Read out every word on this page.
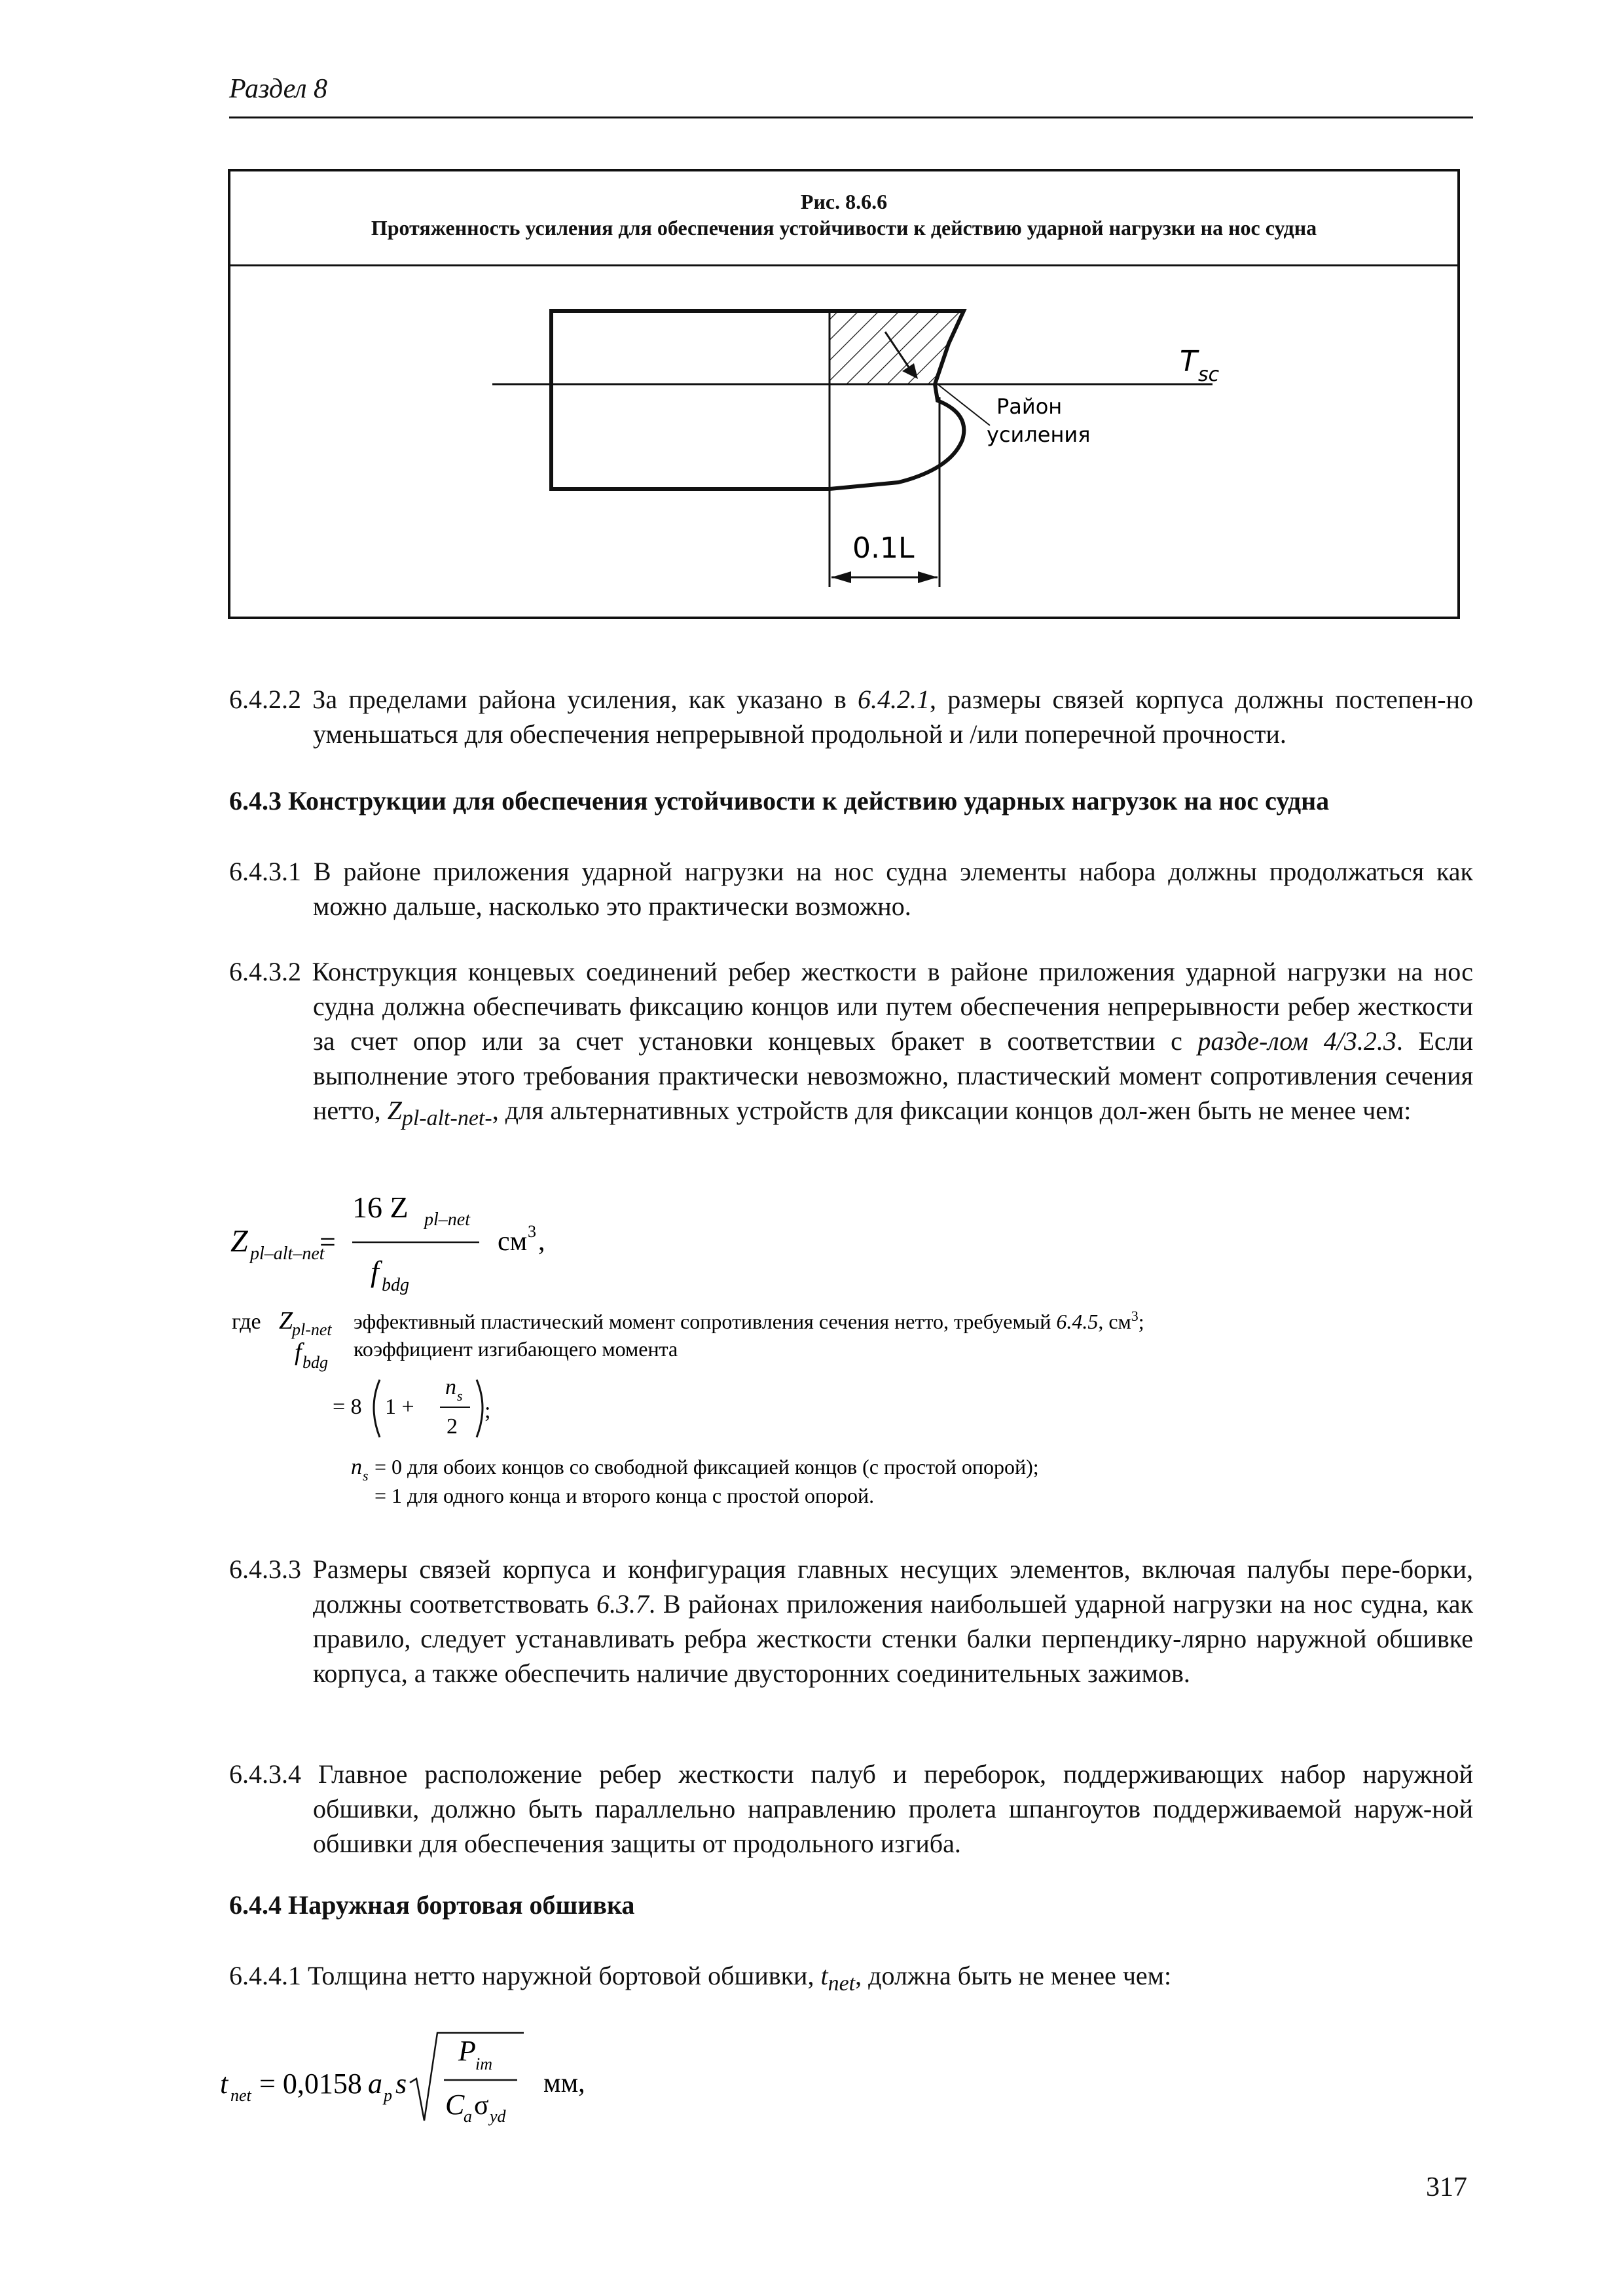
Раздел 8
Рис. 8.6.6
Протяженность усиления для обеспечения устойчивости к действию ударной нагрузки на нос судна
T sc
Район
усиления
0.1L
6.4.2.2 За пределами района усиления, как указано в 6.4.2.1, размеры связей корпуса должны постепен-но уменьшаться для обеспечения непрерывной продольной и /или поперечной прочности.
6.4.3 Конструкции для обеспечения устойчивости к действию ударных нагрузок на нос судна
6.4.3.1 В районе приложения ударной нагрузки на нос судна элементы набора должны продолжаться как можно дальше, насколько это практически возможно.
6.4.3.2 Конструкция концевых соединений ребер жесткости в районе приложения ударной нагрузки на нос судна должна обеспечивать фиксацию концов или путем обеспечения непрерывности ребер жесткости за счет опор или за счет установки концевых бракет в соответствии с разде-лом 4/3.2.3. Если выполнение этого требования практически невозможно, пластический момент сопротивления сечения нетто, $Z_{pl-alt-net-}$, для альтернативных устройств для фиксации концов дол-жен быть не менее чем:
Z pl–alt–net
=
16 Z pl–net
f bdg
см 3 ,
где Z
pl-net эффективный пластический момент сопротивления сечения нетто, требуемый 6.4.5, $см^3$;
f bdg
коэффициент изгибающего момента
= 8 1 +
n s
2
;
n s = 0 для обоих концов со свободной фиксацией концов (с простой опорой);
= 1 для одного конца и второго конца с простой опорой.
6.4.3.3 Размеры связей корпуса и конфигурация главных несущих элементов, включая палубы пере-борки, должны соответствовать 6.3.7. В районах приложения наибольшей ударной нагрузки на нос судна, как правило, следует устанавливать ребра жесткости стенки балки перпендику-лярно наружной обшивке корпуса, а также обеспечить наличие двусторонних соединительных зажимов.
6.4.3.4 Главное расположение ребер жесткости палуб и переборок, поддерживающих набор наружной обшивки, должно быть параллельно направлению пролета шпангоутов поддерживаемой наруж-ной обшивки для обеспечения защиты от продольного изгиба.
6.4.4 Наружная бортовая обшивка
6.4.4.1 Толщина нетто наружной бортовой обшивки, $t_{net}$, должна быть не менее чем:
t net = 0,0158 a p s
P im
C
a σ yd
мм,
317
